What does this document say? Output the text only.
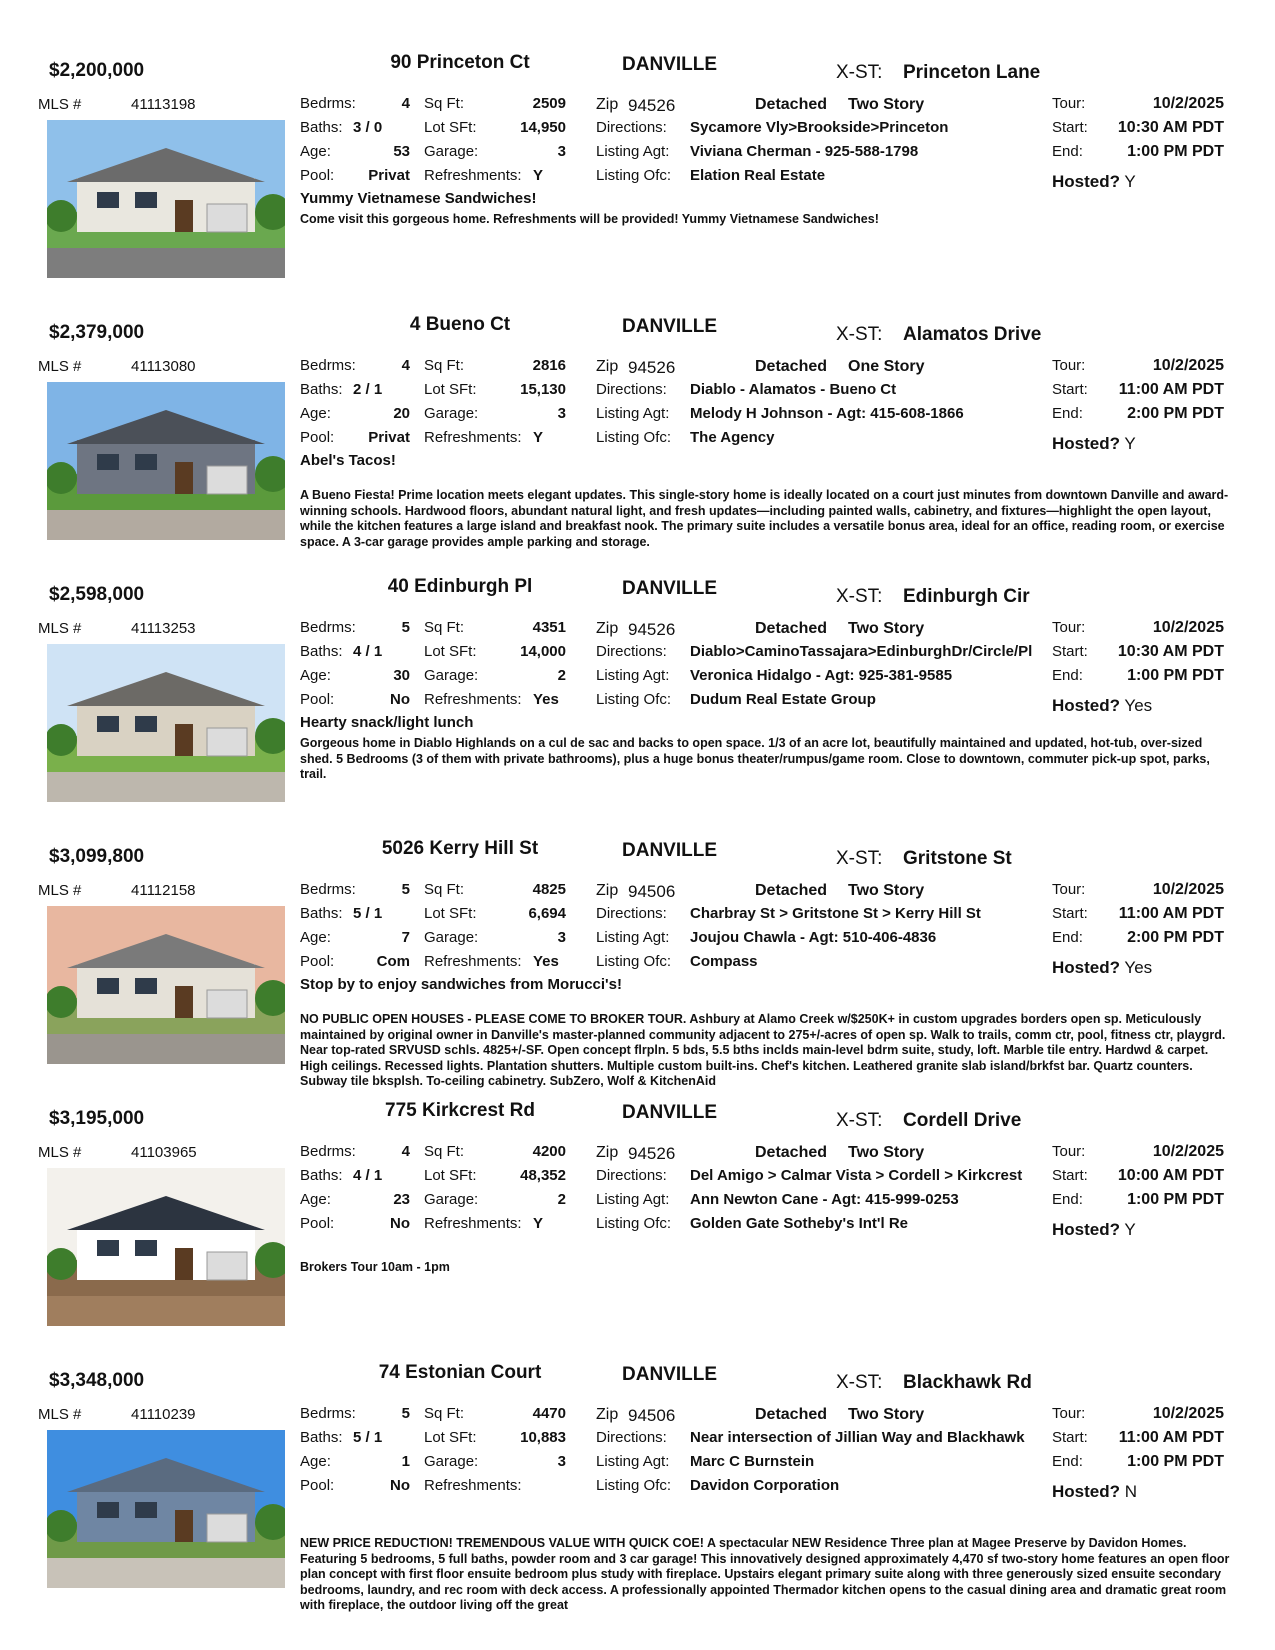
$2,200,000	90 Princeton Ct	DANVILLE	X-ST: Princeton Lane
MLS #	41113198	Bedrms:	4 Sq Ft:	2509
Baths: 3 / 0	Lot SFt:	14,950
Age:	53 Garage:	3
Pool:	Privat Refreshments: Y
Zip 94526	Detached Two Story
Directions: Sycamore Vly>Brookside>Princeton
Listing Agt: Viviana Cherman - 925-588-1798
Listing Ofc: Elation Real Estate
Tour:	10/2/2025
Start:	10:30 AM PDT
End:	1:00 PM PDT
Hosted? Y
Yummy Vietnamese Sandwiches!
Come visit this gorgeous home. Refreshments will be provided! Yummy Vietnamese Sandwiches!
$2,379,000	4 Bueno Ct	DANVILLE	X-ST: Alamatos Drive
MLS #	41113080	Bedrms:	4 Sq Ft:	2816
Baths: 2 / 1	Lot SFt:	15,130
Age:	20 Garage:	3
Pool:	Privat Refreshments: Y
Zip 94526	Detached One Story
Directions: Diablo - Alamatos - Bueno Ct
Listing Agt: Melody H Johnson - Agt: 415-608-1866
Listing Ofc: The Agency
Tour:	10/2/2025
Start:	11:00 AM PDT
End:	2:00 PM PDT
Hosted? Y
Abel's Tacos!
A Bueno Fiesta! Prime location meets elegant updates. This single-story home is ideally located on a court just minutes from downtown Danville and award-winning schools. Hardwood floors, abundant natural light, and fresh updates—including painted walls, cabinetry, and fixtures—highlight the open layout, while the kitchen features a large island and breakfast nook. The primary suite includes a versatile bonus area, ideal for an office, reading room, or exercise space. A 3-car garage provides ample parking and storage.
$2,598,000	40 Edinburgh Pl	DANVILLE	X-ST: Edinburgh Cir
MLS #	41113253	Bedrms:	5 Sq Ft:	4351
Baths: 4 / 1	Lot SFt:	14,000
Age:	30 Garage:	2
Pool:	No Refreshments: Yes
Zip 94526	Detached Two Story
Directions: Diablo>CaminoTassajara>EdinburghDr/Circle/Pl
Listing Agt: Veronica Hidalgo - Agt: 925-381-9585
Listing Ofc: Dudum Real Estate Group
Tour:	10/2/2025
Start:	10:30 AM PDT
End:	1:00 PM PDT
Hosted? Yes
Hearty snack/light lunch
Gorgeous home in Diablo Highlands on a cul de sac and backs to open space. 1/3 of an acre lot, beautifully maintained and updated, hot-tub, over-sized shed. 5 Bedrooms (3 of them with private bathrooms), plus a huge bonus theater/rumpus/game room. Close to downtown, commuter pick-up spot, parks, trail.
$3,099,800	5026 Kerry Hill St	DANVILLE	X-ST: Gritstone St
MLS #	41112158	Bedrms:	5 Sq Ft:	4825
Baths: 5 / 1	Lot SFt:	6,694
Age:	7 Garage:	3
Pool:	Com Refreshments: Yes
Zip 94506	Detached Two Story
Directions: Charbray St > Gritstone St > Kerry Hill St
Listing Agt: Joujou Chawla - Agt: 510-406-4836
Listing Ofc: Compass
Tour:	10/2/2025
Start:	11:00 AM PDT
End:	2:00 PM PDT
Hosted? Yes
Stop by to enjoy sandwiches from Morucci's!
NO PUBLIC OPEN HOUSES - PLEASE COME TO BROKER TOUR. Ashbury at Alamo Creek w/$250K+ in custom upgrades borders open sp. Meticulously maintained by original owner in Danville's master-planned community adjacent to 275+/-acres of open sp. Walk to trails, comm ctr, pool, fitness ctr, playgrd. Near top-rated SRVUSD schls. 4825+/-SF. Open concept flrpln. 5 bds, 5.5 bths inclds main-level bdrm suite, study, loft. Marble tile entry. Hardwd & carpet. High ceilings. Recessed lights. Plantation shutters. Multiple custom built-ins. Chef's kitchen. Leathered granite slab island/brkfst bar. Quartz counters. Subway tile bksplsh. To-ceiling cabinetry. SubZero, Wolf & KitchenAid
$3,195,000	775 Kirkcrest Rd	DANVILLE	X-ST: Cordell Drive
MLS #	41103965	Bedrms:	4 Sq Ft:	4200
Baths: 4 / 1	Lot SFt:	48,352
Age:	23 Garage:	2
Pool:	No Refreshments: Y
Zip 94526	Detached Two Story
Directions: Del Amigo > Calmar Vista > Cordell > Kirkcrest
Listing Agt: Ann Newton Cane - Agt: 415-999-0253
Listing Ofc: Golden Gate Sotheby's Int'l Re
Tour:	10/2/2025
Start:	10:00 AM PDT
End:	1:00 PM PDT
Hosted? Y
Brokers Tour 10am - 1pm
$3,348,000	74 Estonian Court	DANVILLE	X-ST: Blackhawk Rd
MLS #	41110239	Bedrms:	5 Sq Ft:	4470
Baths: 5 / 1	Lot SFt:	10,883
Age:	1 Garage:	3
Pool:	No Refreshments:
Zip 94506	Detached Two Story
Directions: Near intersection of Jillian Way and Blackhawk
Listing Agt: Marc C Burnstein
Listing Ofc: Davidon Corporation
Tour:	10/2/2025
Start:	11:00 AM PDT
End:	1:00 PM PDT
Hosted? N
NEW PRICE REDUCTION! TREMENDOUS VALUE WITH QUICK COE! A spectacular NEW Residence Three plan at Magee Preserve by Davidon Homes. Featuring 5 bedrooms, 5 full baths, powder room and 3 car garage! This innovatively designed approximately 4,470 sf two-story home features an open floor plan concept with first floor ensuite bedroom plus study with fireplace. Upstairs elegant primary suite along with three generously sized ensuite secondary bedrooms, laundry, and rec room with deck access. A professionally appointed Thermador kitchen opens to the casual dining area and dramatic great room with fireplace, the outdoor living off the great
